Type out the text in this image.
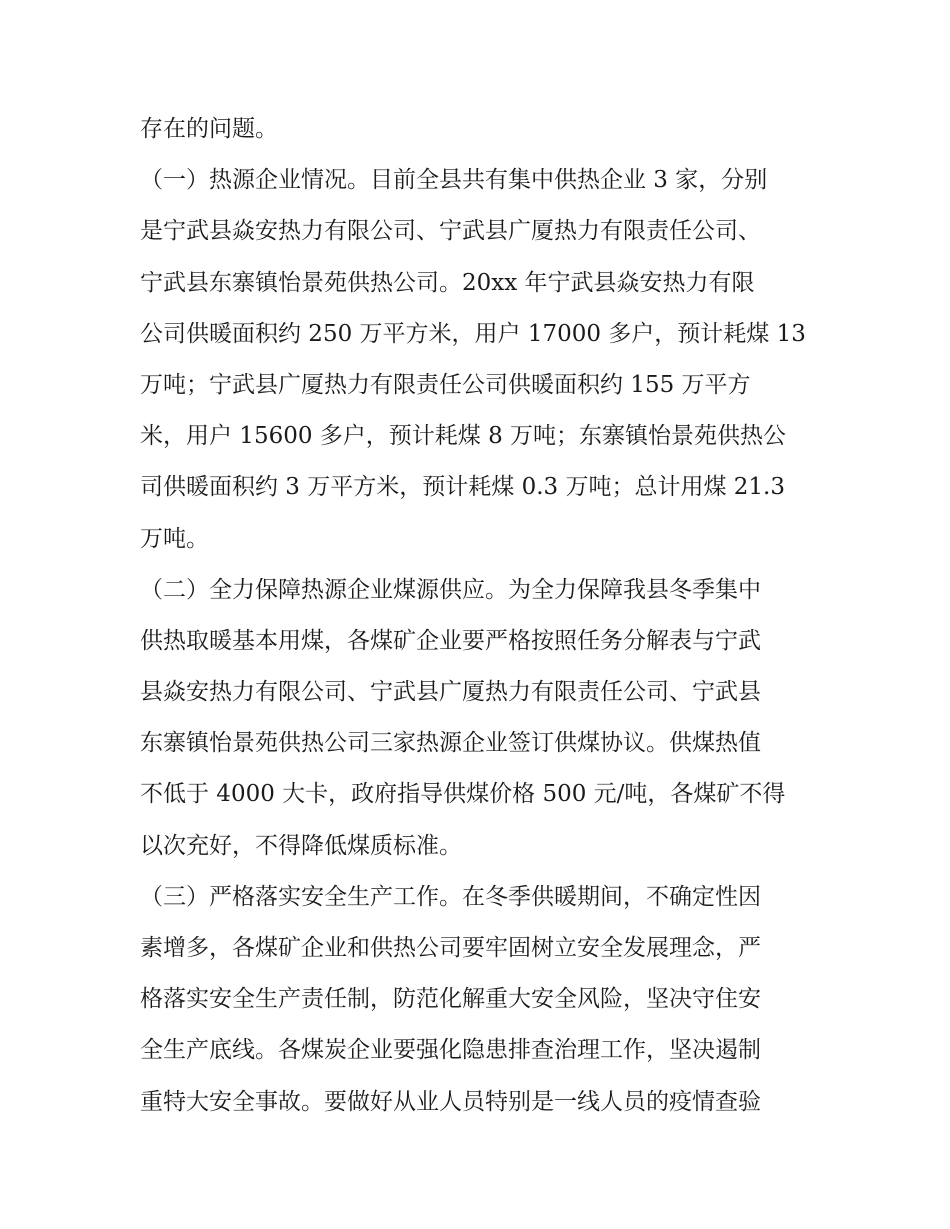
存在的问题。
（一）热源企业情况。目前全县共有集中供热企业 3 家，分别
是宁武县焱安热力有限公司、宁武县广厦热力有限责任公司、
宁武县东寨镇怡景苑供热公司。20xx 年宁武县焱安热力有限
公司供暖面积约 250 万平方米，用户 17000 多户，预计耗煤 13
万吨；宁武县广厦热力有限责任公司供暖面积约 155 万平方
米，用户 15600 多户，预计耗煤 8 万吨；东寨镇怡景苑供热公
司供暖面积约 3 万平方米，预计耗煤 0.3 万吨；总计用煤 21.3
万吨。
（二）全力保障热源企业煤源供应。为全力保障我县冬季集中
供热取暖基本用煤，各煤矿企业要严格按照任务分解表与宁武
县焱安热力有限公司、宁武县广厦热力有限责任公司、宁武县
东寨镇怡景苑供热公司三家热源企业签订供煤协议。供煤热值
不低于 4000 大卡，政府指导供煤价格 500 元/吨，各煤矿不得
以次充好，不得降低煤质标准。
（三）严格落实安全生产工作。在冬季供暖期间，不确定性因
素增多，各煤矿企业和供热公司要牢固树立安全发展理念，严
格落实安全生产责任制，防范化解重大安全风险，坚决守住安
全生产底线。各煤炭企业要强化隐患排查治理工作，坚决遏制
重特大安全事故。要做好从业人员特别是一线人员的疫情查验
